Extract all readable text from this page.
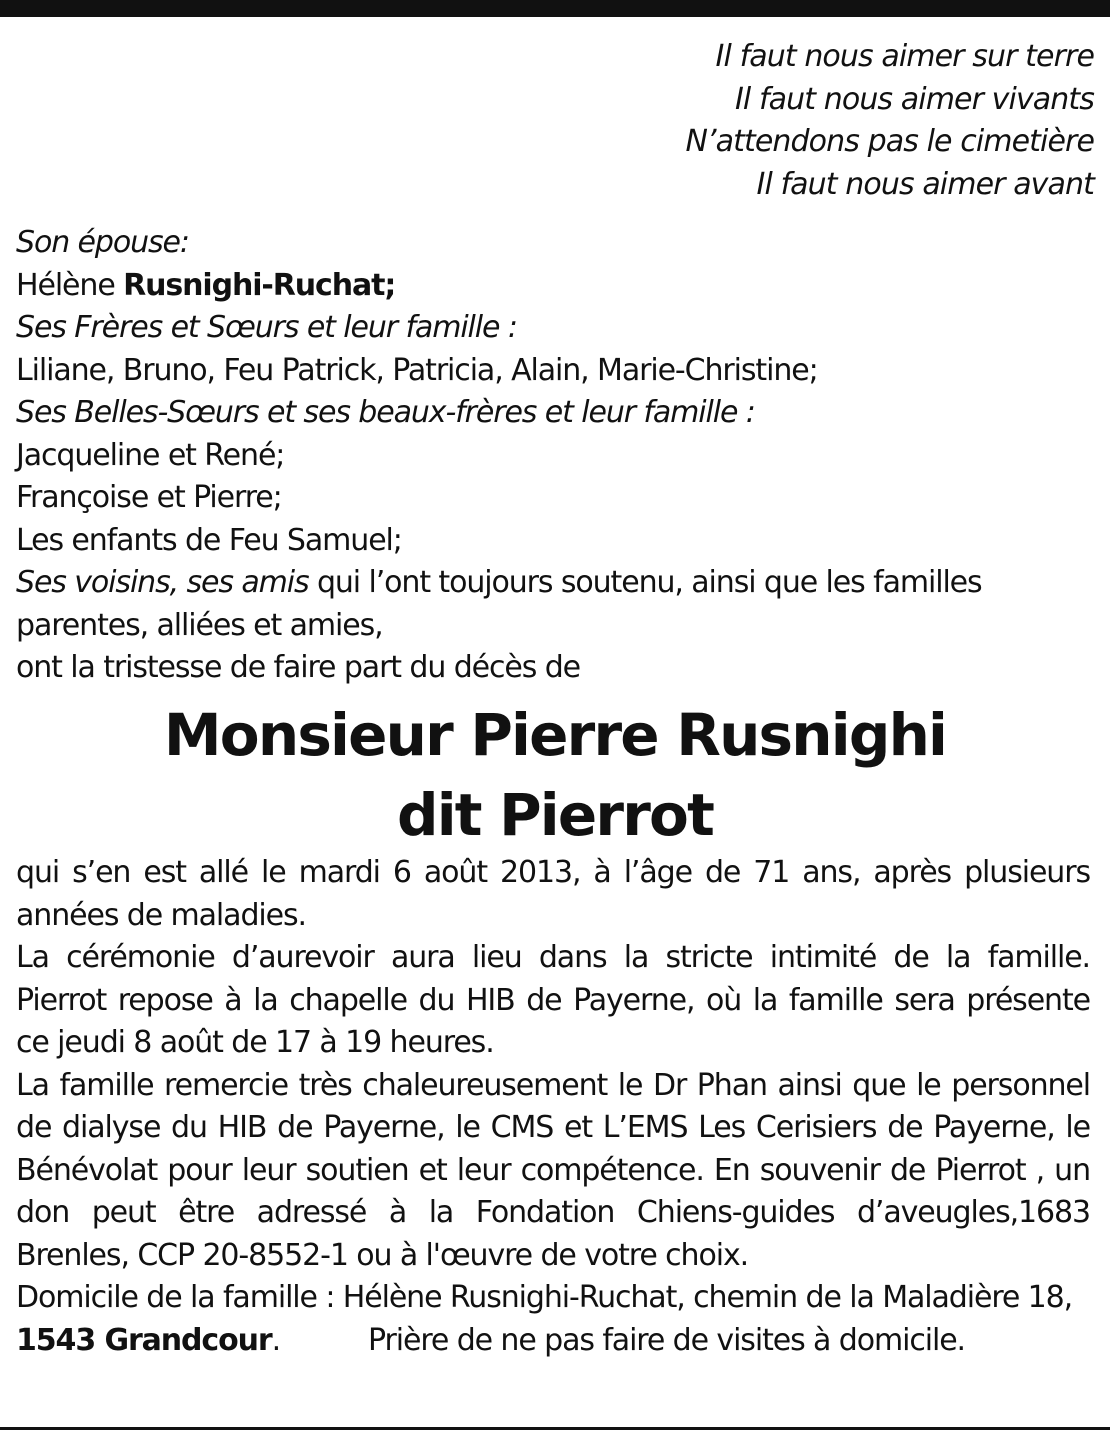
Il faut nous aimer sur terre
Il faut nous aimer vivants
N’attendons pas le cimetière
Il faut nous aimer avant
Son épouse:
Hélène Rusnighi-Ruchat;
Ses Frères et Sœurs et leur famille :
Liliane, Bruno, Feu Patrick, Patricia, Alain, Marie-Christine;
Ses Belles-Sœurs et ses beaux-frères et leur famille :
Jacqueline et René;
Françoise et Pierre;
Les enfants de Feu Samuel;
Ses voisins, ses amis qui l’ont toujours soutenu, ainsi que les familles
parentes, alliées et amies,
ont la tristesse de faire part du décès de
Monsieur Pierre Rusnighi
dit Pierrot

qui s’en est allé le mardi 6 août 2013, à l’âge de 71 ans, après plusieurs années de maladies.

La cérémonie d’aurevoir aura lieu dans la stricte intimité de la famille. Pierrot repose à la chapelle du HIB de Payerne, où la famille sera présente ce jeudi 8 août de 17 à 19 heures.

La famille remercie très chaleureusement le Dr Phan ainsi que le personnel de dialyse du HIB de Payerne, le CMS et L’EMS Les Cerisiers de Payerne, le Bénévolat pour leur soutien et leur compétence. En souvenir de Pierrot , un don peut être adressé à la Fondation Chiens-guides d’aveugles,1683 Brenles, CCP 20-8552-1 ou à l'œuvre de votre choix.

Domicile de la famille : Hélène Rusnighi-Ruchat, chemin de la Maladière 18, 1543 Grandcour.	Prière de ne pas faire de visites à domicile.
